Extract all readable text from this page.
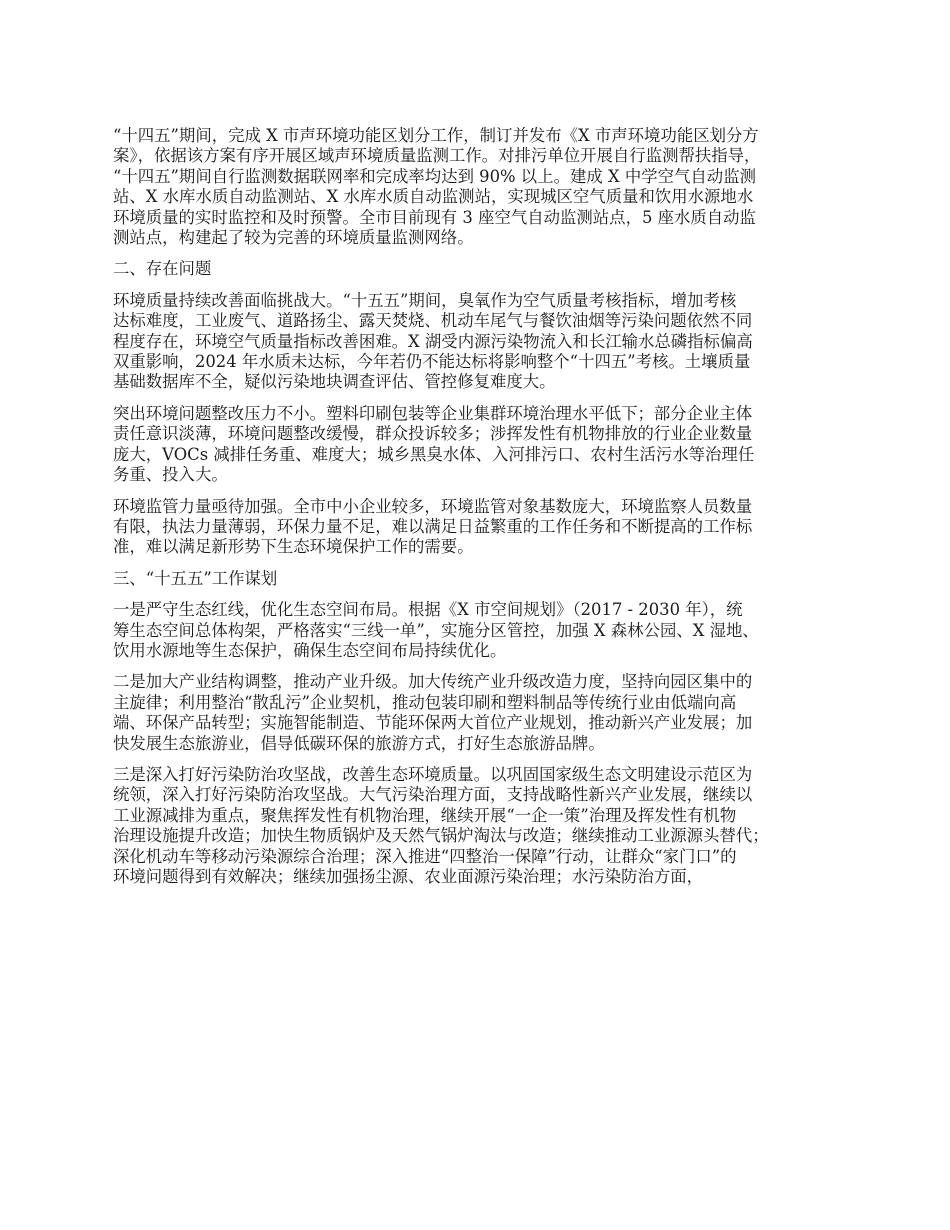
“十四五”期间，完成 X 市声环境功能区划分工作，制订并发布《X 市声环境功能区划分方
案》，依据该方案有序开展区域声环境质量监测工作。对排污单位开展自行监测帮扶指导，
“十四五”期间自行监测数据联网率和完成率均达到 90% 以上。建成 X 中学空气自动监测
站、X 水库水质自动监测站、X 水库水质自动监测站，实现城区空气质量和饮用水源地水
环境质量的实时监控和及时预警。全市目前现有 3 座空气自动监测站点，5 座水质自动监
测站点，构建起了较为完善的环境质量监测网络。
二、存在问题
环境质量持续改善面临挑战大。“十五五”期间，臭氧作为空气质量考核指标，增加考核
达标难度，工业废气、道路扬尘、露天焚烧、机动车尾气与餐饮油烟等污染问题依然不同
程度存在，环境空气质量指标改善困难。X 湖受内源污染物流入和长江输水总磷指标偏高
双重影响，2024 年水质未达标，今年若仍不能达标将影响整个“十四五”考核。土壤质量
基础数据库不全，疑似污染地块调查评估、管控修复难度大。
突出环境问题整改压力不小。塑料印刷包装等企业集群环境治理水平低下；部分企业主体
责任意识淡薄，环境问题整改缓慢，群众投诉较多；涉挥发性有机物排放的行业企业数量
庞大，VOCs 减排任务重、难度大；城乡黑臭水体、入河排污口、农村生活污水等治理任
务重、投入大。
环境监管力量亟待加强。全市中小企业较多，环境监管对象基数庞大，环境监察人员数量
有限，执法力量薄弱，环保力量不足，难以满足日益繁重的工作任务和不断提高的工作标
准，难以满足新形势下生态环境保护工作的需要。
三、“十五五”工作谋划
一是严守生态红线，优化生态空间布局。根据《X 市空间规划》（2017 - 2030 年），统
筹生态空间总体构架，严格落实“三线一单”，实施分区管控，加强 X 森林公园、X 湿地、
饮用水源地等生态保护，确保生态空间布局持续优化。
二是加大产业结构调整，推动产业升级。加大传统产业升级改造力度，坚持向园区集中的
主旋律；利用整治“散乱污”企业契机，推动包装印刷和塑料制品等传统行业由低端向高
端、环保产品转型；实施智能制造、节能环保两大首位产业规划，推动新兴产业发展；加
快发展生态旅游业，倡导低碳环保的旅游方式，打好生态旅游品牌。
三是深入打好污染防治攻坚战，改善生态环境质量。以巩固国家级生态文明建设示范区为
统领，深入打好污染防治攻坚战。大气污染治理方面，支持战略性新兴产业发展，继续以
工业源减排为重点，聚焦挥发性有机物治理，继续开展“一企一策”治理及挥发性有机物
治理设施提升改造；加快生物质锅炉及天然气锅炉淘汰与改造；继续推动工业源源头替代；
深化机动车等移动污染源综合治理；深入推进“四整治一保障”行动，让群众“家门口”的
环境问题得到有效解决；继续加强扬尘源、农业面源污染治理；水污染防治方面，
